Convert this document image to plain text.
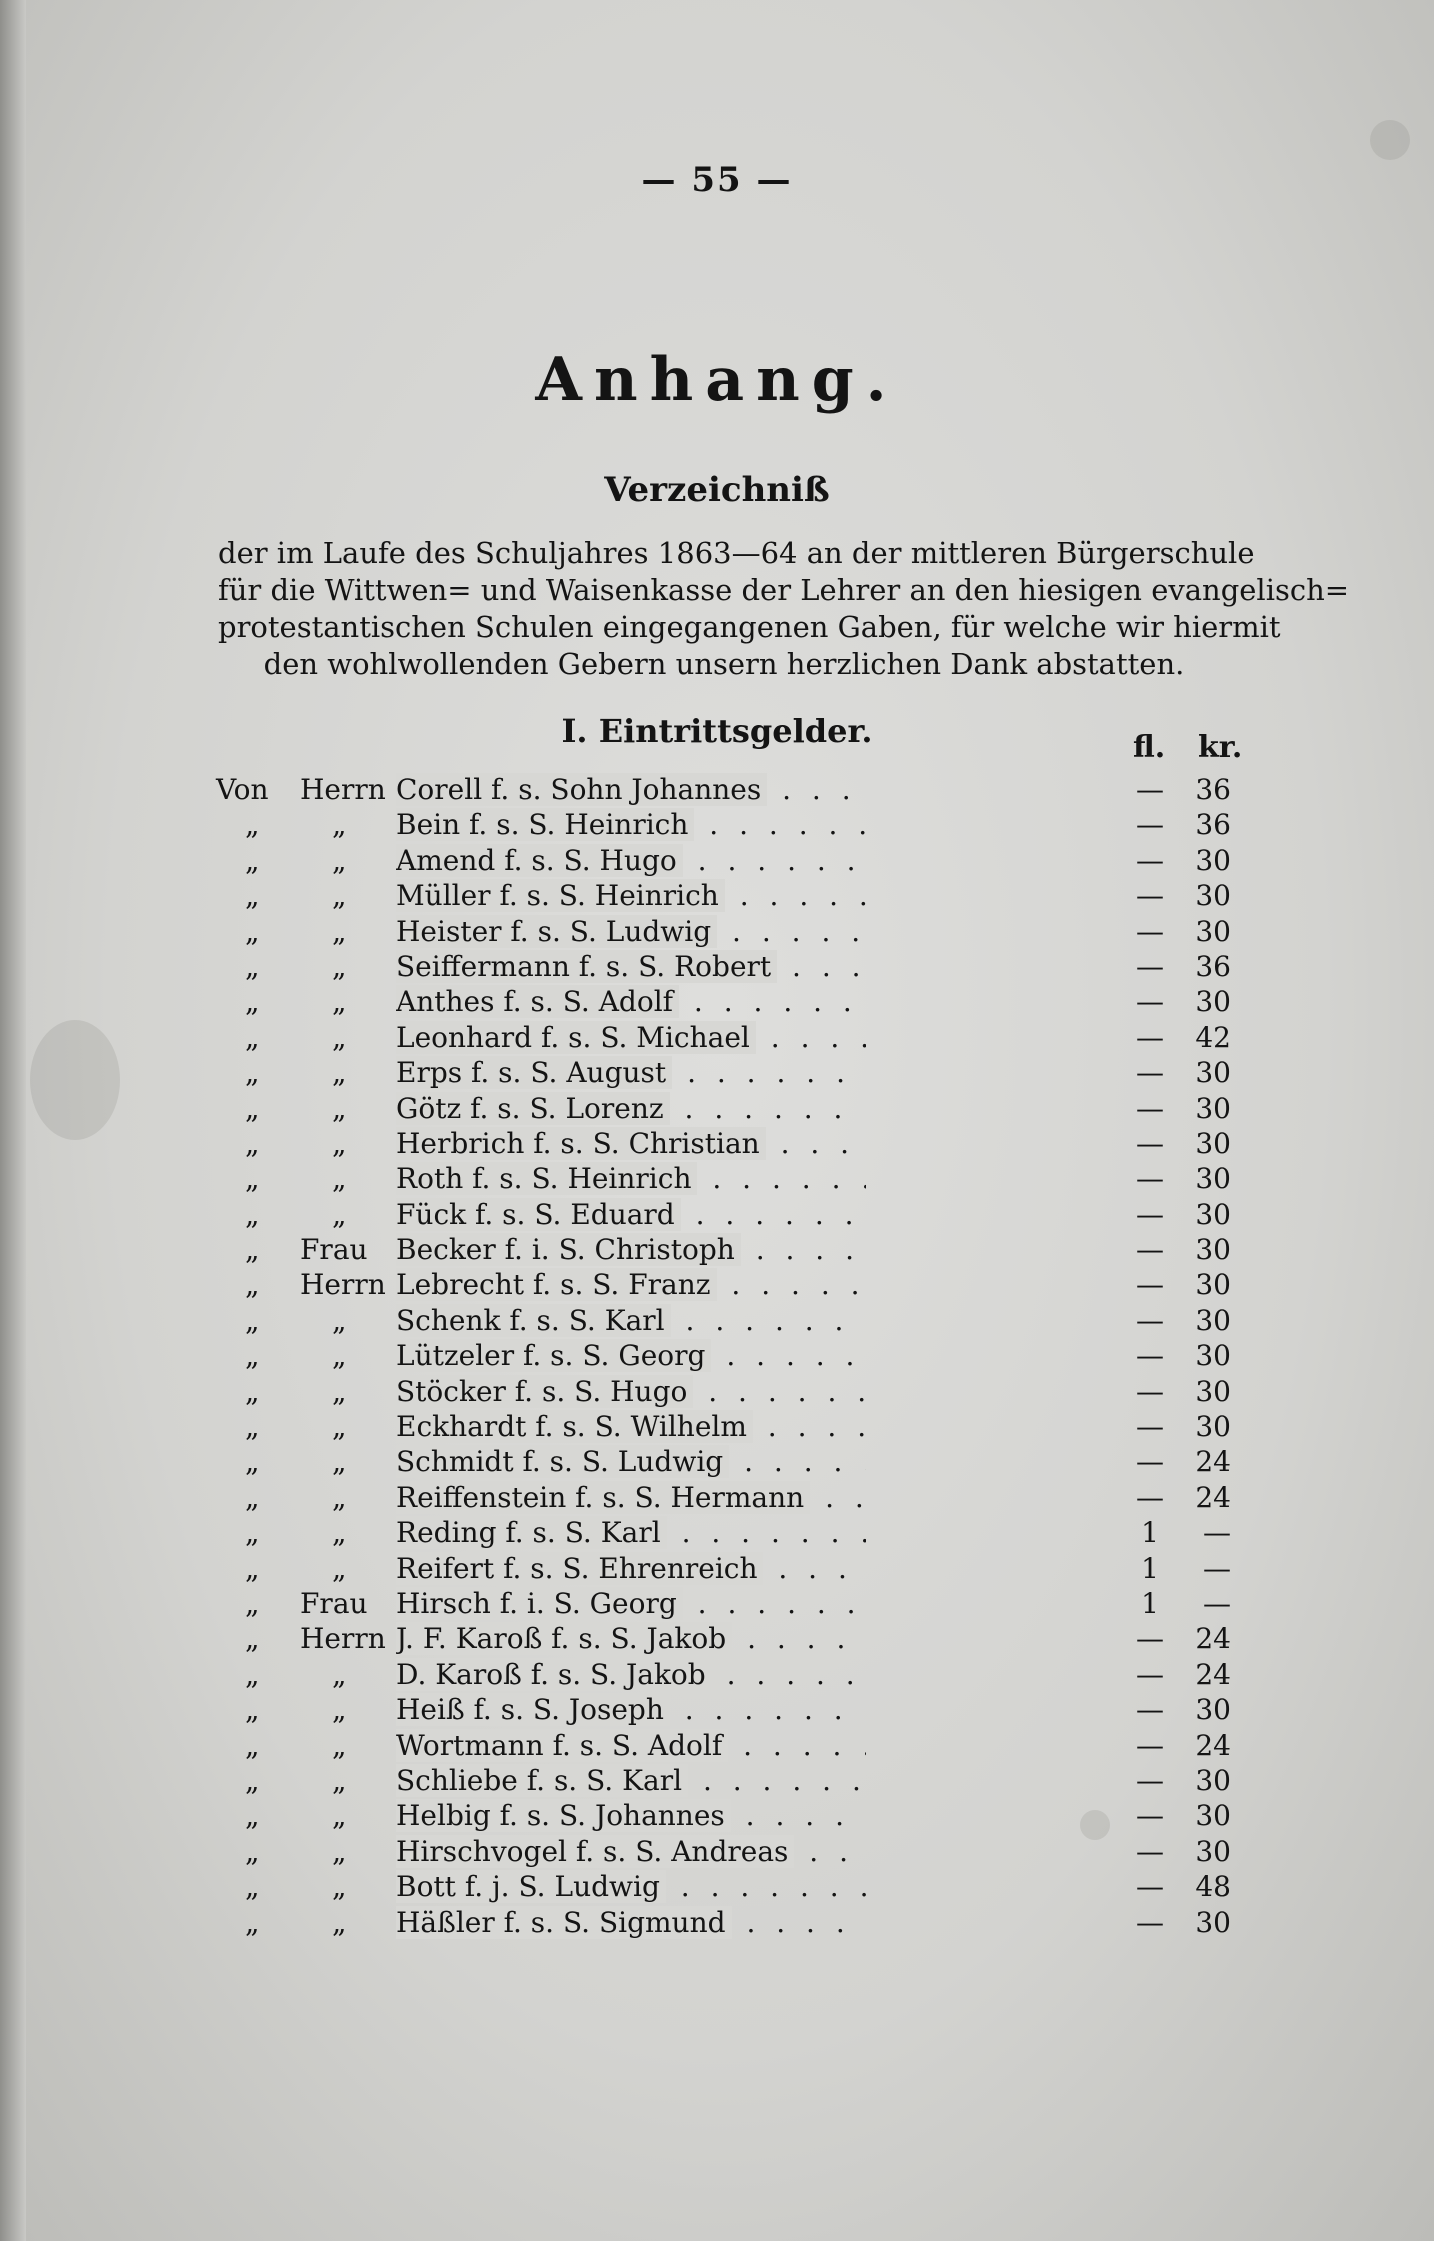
— 55 —
Anhang.
Verzeichniß
der im Laufe des Schuljahres 1863—64 an der mittleren Bürgerschule
für die Wittwen= und Waisenkasse der Lehrer an den hiesigen evangelisch=
protestantischen Schulen eingegangenen Gaben, für welche wir hiermit
den wohlwollenden Gebern unsern herzlichen Dank abstatten.
I. Eintrittsgelder.	fl. kr.
Von	Herrn Corell f. s. Sohn Johannes . .	—	36
„	„	Bein f. s. S. Heinrich . .	—	36
„	„	Amend f. s. S. Hugo . .	—	30
„	„	Müller f. s. S. Heinrich . .	—	30
„	„	Heister f. s. S. Ludwig . .	—	30
„	„	Seiffermann f. s. S. Robert . .	—	36
„	„	Anthes f. s. S. Adolf . .	—	30
„	„	Leonhard f. s. S. Michael . .	—	42
„	„	Erps f. s. S. August . .	—	30
„	„	Götz f. s. S. Lorenz . .	—	30
„	„	Herbrich f. s. S. Christian . .	—	30
„	„	Roth f. s. S. Heinrich . .	—	30
„	„	Fück f. s. S. Eduard . .	—	30
„	Frau	Becker f. i. S. Christoph . .	—	30
„	Herrn Lebrecht f. s. S. Franz . .	—	30
„	„	Schenk f. s. S. Karl . .	—	30
„	„	Lützeler f. s. S. Georg . .	—	30
„	„	Stöcker f. s. S. Hugo . .	—	30
„	„	Eckhardt f. s. S. Wilhelm . .	—	30
„	„	Schmidt f. s. S. Ludwig . .	—	24
„	„	Reiffenstein f. s. S. Hermann . .	—	24
„	„	Reding f. s. S. Karl . .	1	—
„	„	Reifert f. s. S. Ehrenreich . .	1	—
„	Frau	Hirsch f. i. S. Georg . .	1	—
„	Herrn J. F. Karoß f. s. S. Jakob . .	—	24
„	„	D. Karoß f. s. S. Jakob . .	—	24
„	„	Heiß f. s. S. Joseph . .	—	30
„	„	Wortmann f. s. S. Adolf . .	—	24
„	„	Schliebe f. s. S. Karl . .	—	30
„	„	Helbig f. s. S. Johannes . .	—	30
„	„	Hirschvogel f. s. S. Andreas . .	—	30
„	„	Bott f. j. S. Ludwig . .	—	48
„	„	Häßler f. s. S. Sigmund . .	—	30
